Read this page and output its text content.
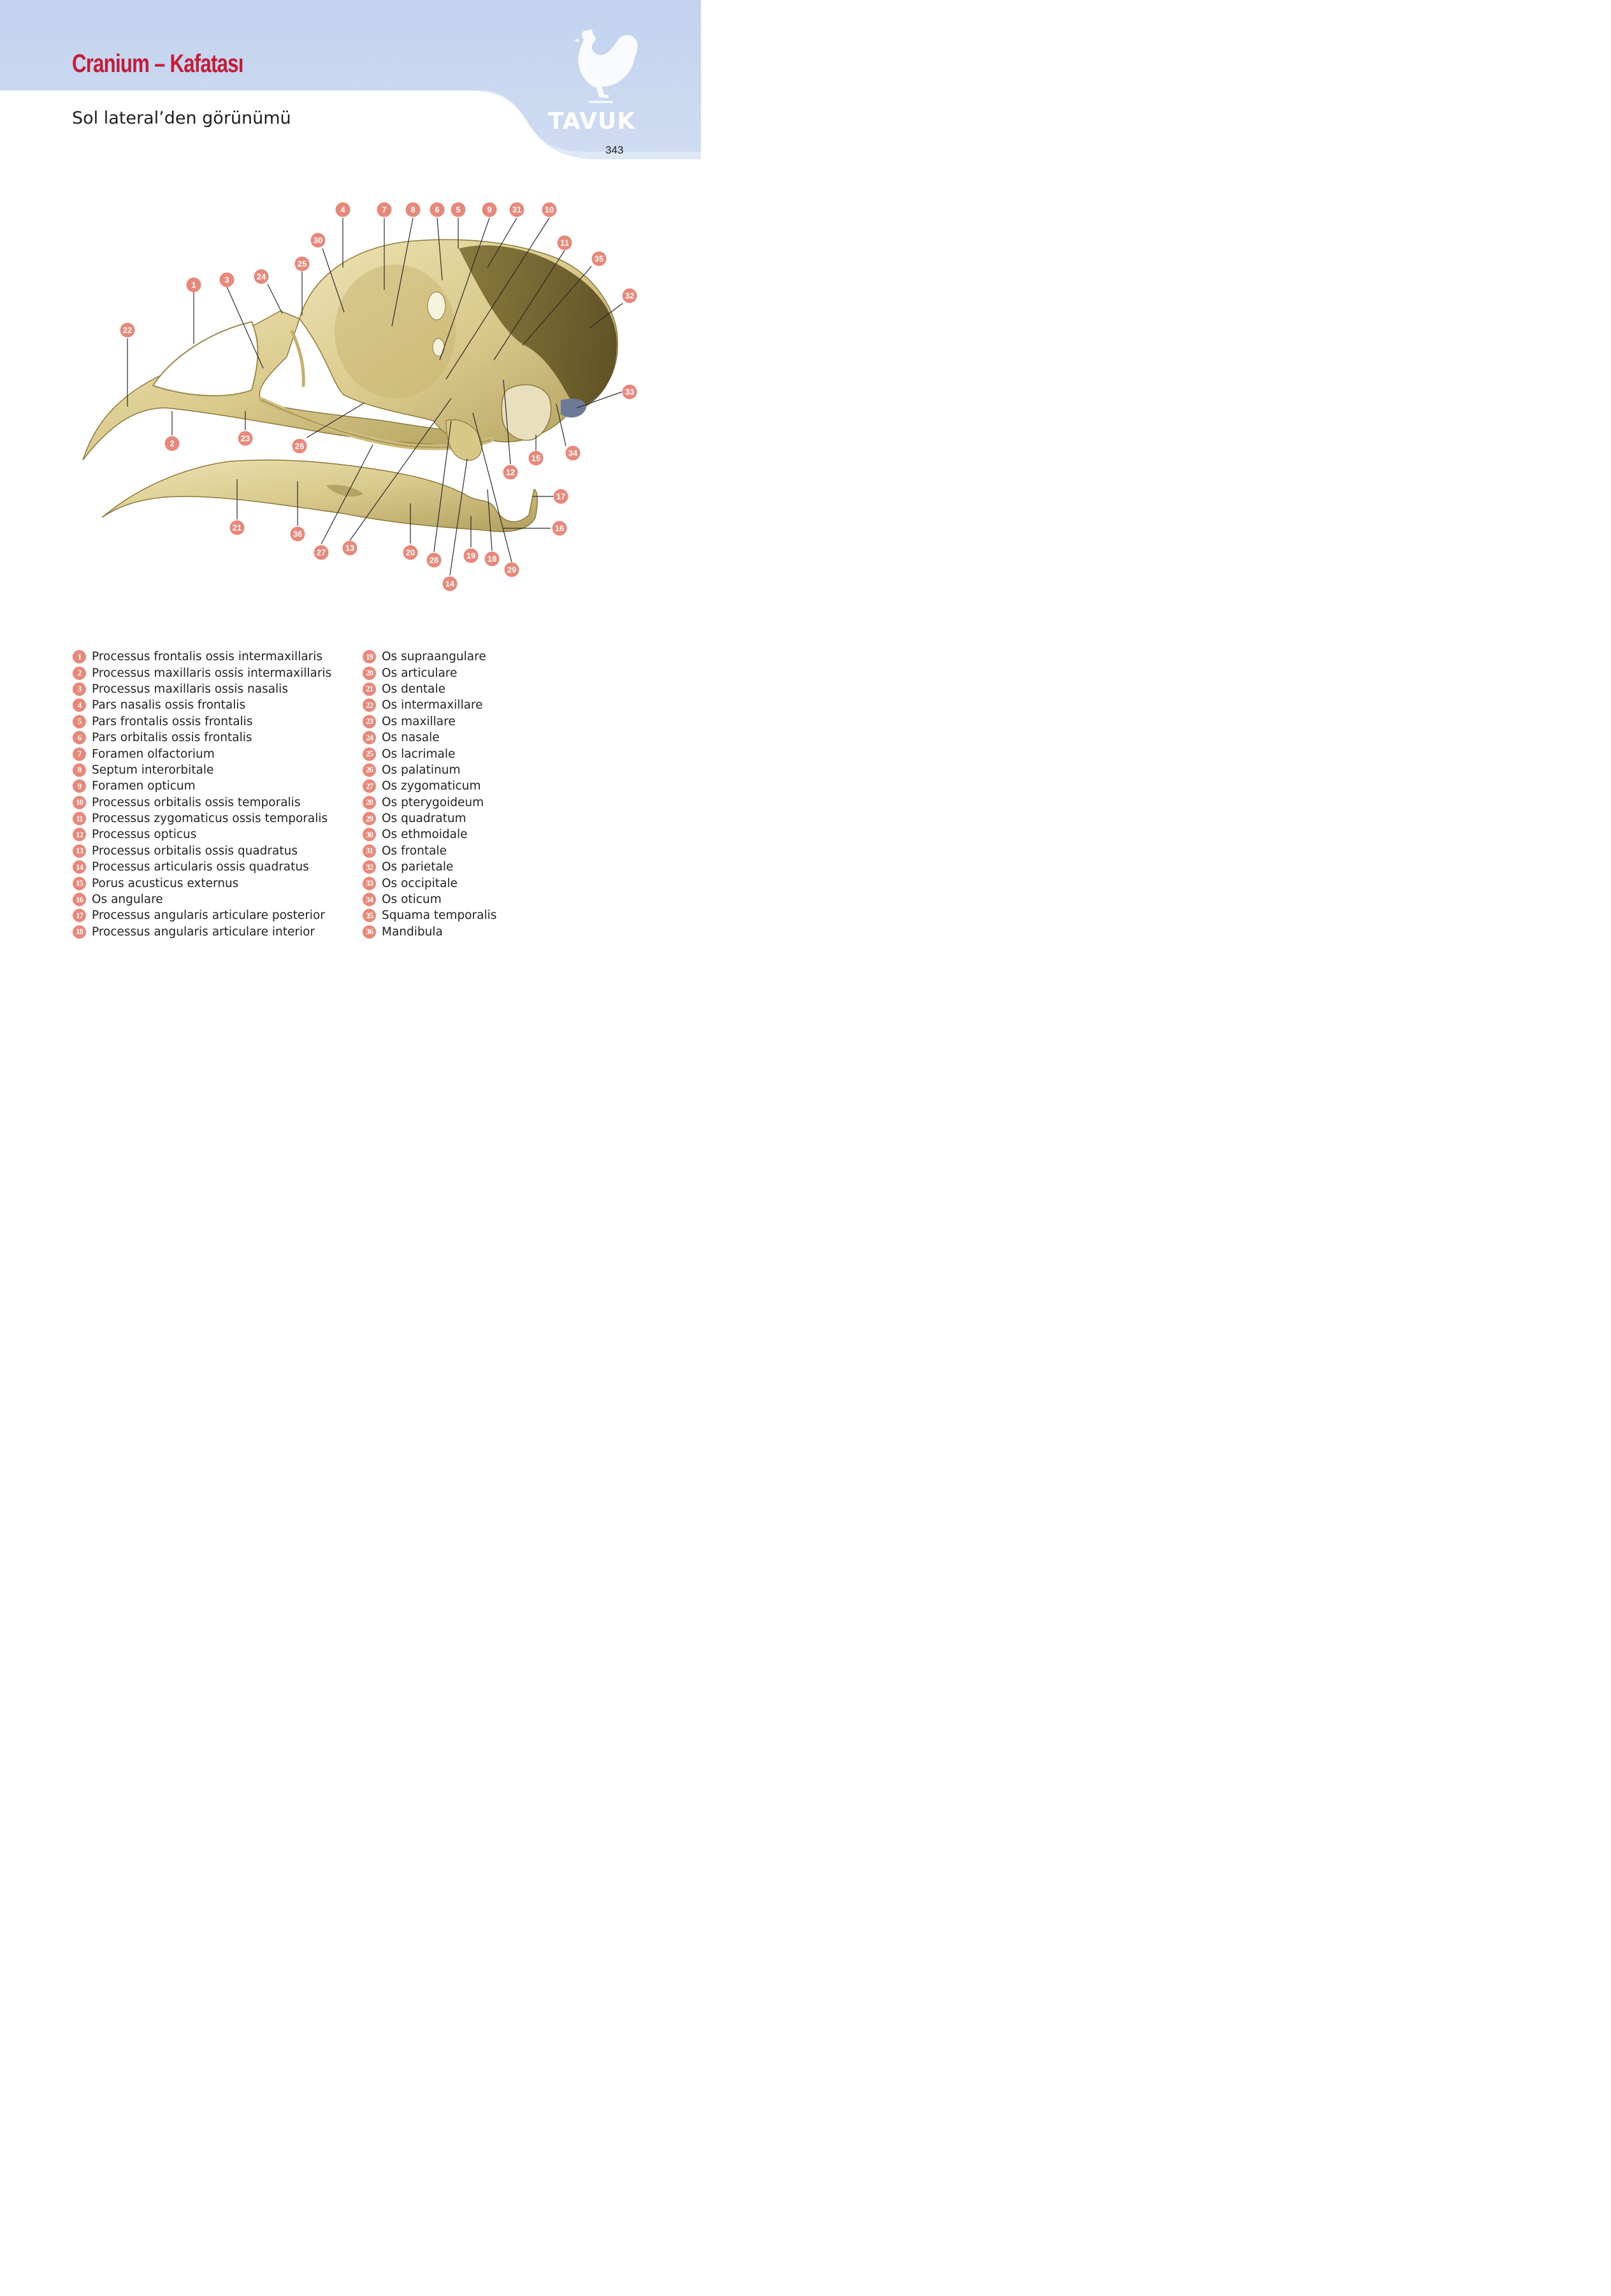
Cranium – Kafatası
Sol lateral’den görünümü	TAVUK
343
1
2
3
4	5
6
7	8	9	10
11
12
13
14
15
16
17
18
19
20
21
22
23
24
25
26
27
28
29
30
31
32
33
34
35
36
1 Processus frontalis ossis intermaxillaris
2 Processus maxillaris ossis intermaxillaris
3 Processus maxillaris ossis nasalis
4 Pars nasalis ossis frontalis
5 Pars frontalis ossis frontalis
6 Pars orbitalis ossis frontalis
7 Foramen olfactorium
8 Septum interorbitale
9 Foramen opticum
10 Processus orbitalis ossis temporalis
11 Processus zygomaticus ossis temporalis
12 Processus opticus
13 Processus orbitalis ossis quadratus
14 Processus articularis ossis quadratus
15 Porus acusticus externus
16 Os angulare
17 Processus angularis articulare posterior
18 Processus angularis articulare interior
19 Os supraangulare
20 Os articulare
21 Os dentale
22 Os intermaxillare
23 Os maxillare
24 Os nasale
25 Os lacrimale
26 Os palatinum
27 Os zygomaticum
28 Os pterygoideum
29 Os quadratum
30 Os ethmoidale
31 Os frontale
32 Os parietale
33 Os occipitale
34 Os oticum
35 Squama temporalis
36 Mandibula
